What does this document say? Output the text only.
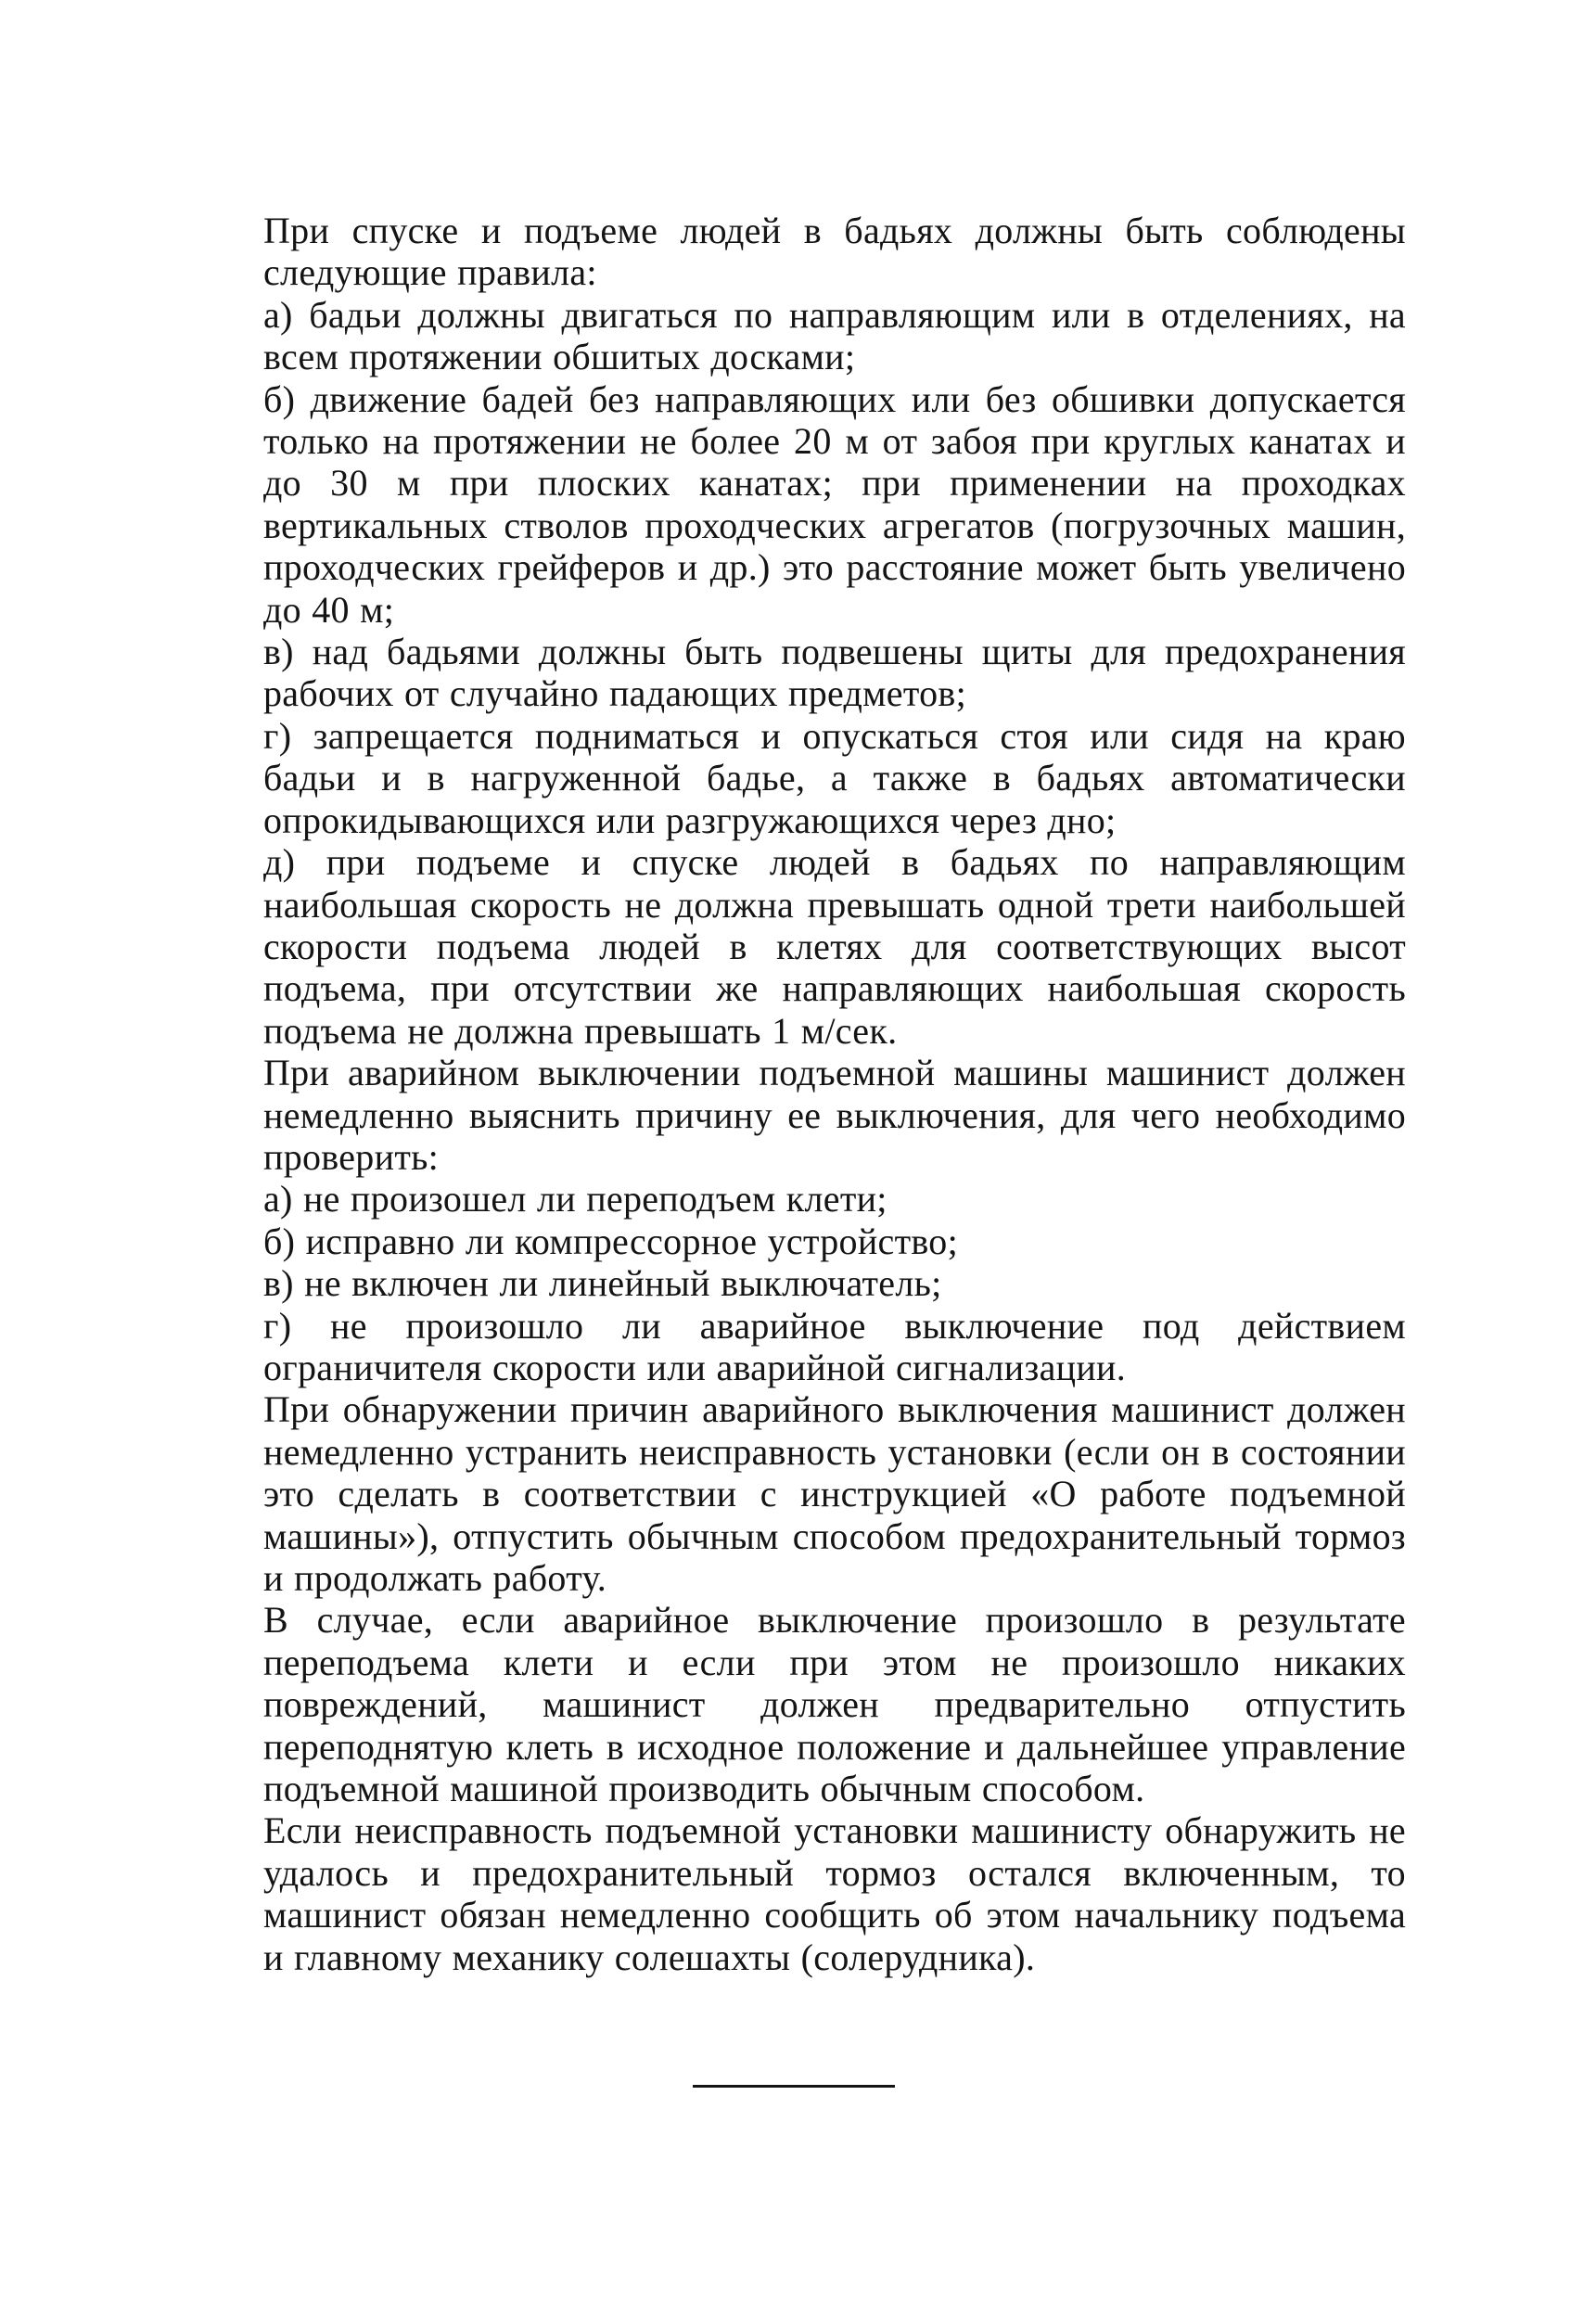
При спуске и подъеме людей в бадьях должны быть соблюдены следующие правила:

а) бадьи должны двигаться по направляющим или в отделениях, на всем протяжении обшитых досками;

б) движение бадей без направляющих или без обшивки допускается только на протяжении не более 20 м от забоя при круглых канатах и до 30 м при плоских канатах; при применении на проходках вертикальных стволов проходческих агрегатов (погрузочных машин, проходческих грейферов и др.) это расстояние может быть увеличено до 40 м;

в) над бадьями должны быть подвешены щиты для предохранения рабочих от случайно падающих предметов;

г) запрещается подниматься и опускаться стоя или сидя на краю бадьи и в нагруженной бадье, а также в бадьях автоматически опрокидывающихся или разгружающихся через дно;

д) при подъеме и спуске людей в бадьях по направляющим наибольшая скорость не должна превышать одной трети наибольшей скорости подъема людей в клетях для соответствующих высот подъема, при отсутствии же направляющих наибольшая скорость подъема не должна превышать 1 м/сек.

При аварийном выключении подъемной машины машинист должен немедленно выяснить причину ее выключения, для чего необходимо проверить:

а) не произошел ли переподъем клети;

б) исправно ли компрессорное устройство;

в) не включен ли линейный выключатель;

г) не произошло ли аварийное выключение под действием ограничителя скорости или аварийной сигнализации.

При обнаружении причин аварийного выключения машинист должен немедленно устранить неисправность установки (если он в состоянии это сделать в соответствии с инструкцией «О работе подъемной машины»), отпустить обычным способом предохранительный тормоз и продолжать работу.

В случае, если аварийное выключение произошло в результате переподъема клети и если при этом не произошло никаких повреждений, машинист должен предварительно отпустить переподнятую клеть в исходное положение и дальнейшее управление подъемной машиной производить обычным способом.

Если неисправность подъемной установки машинисту обнаружить не удалось и предохранительный тормоз остался включенным, то машинист обязан немедленно сообщить об этом начальнику подъема и главному механику солешахты (солерудника).
